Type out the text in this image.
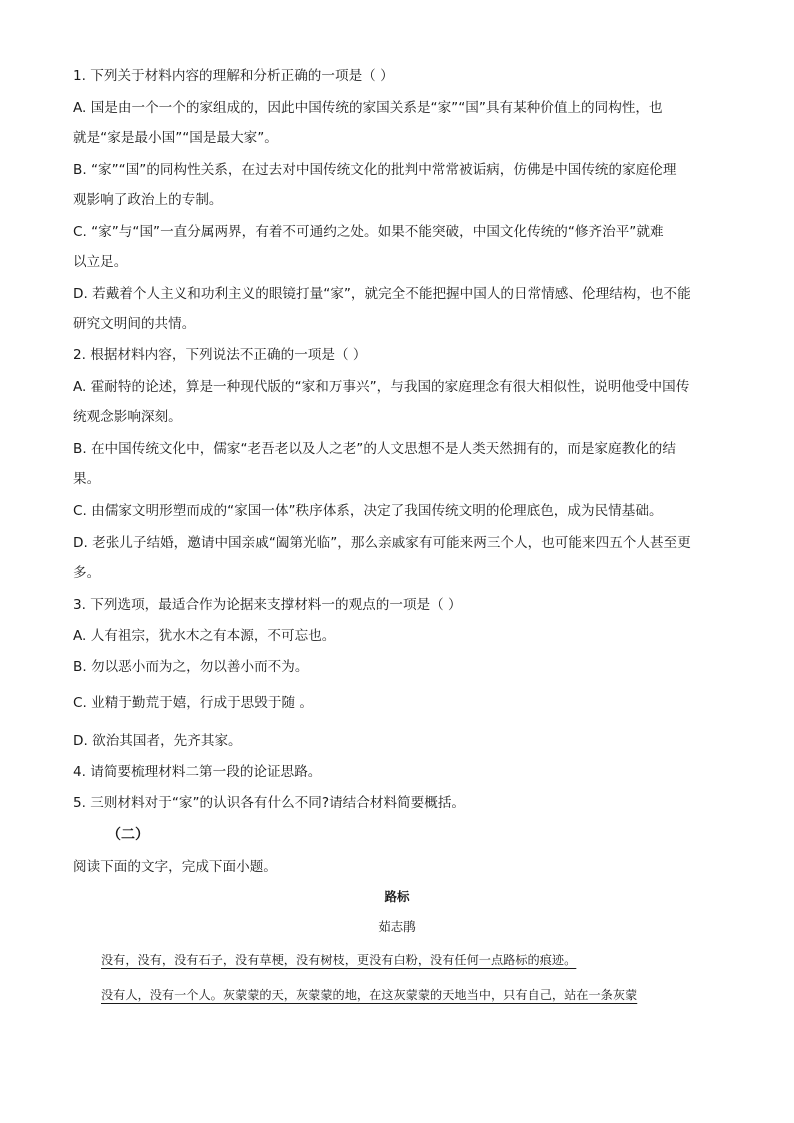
1. 下列关于材料内容的理解和分析正确的一项是（ ）
A. 国是由一个一个的家组成的，因此中国传统的家国关系是“家”“国”具有某种价值上的同构性，也
就是“家是最小国”“国是最大家”。
B. “家”“国”的同构性关系，在过去对中国传统文化的批判中常常被诟病，仿佛是中国传统的家庭伦理
观影响了政治上的专制。
C. “家”与“国”一直分属两界，有着不可通约之处。如果不能突破，中国文化传统的“修齐治平”就难
以立足。
D. 若戴着个人主义和功利主义的眼镜打量“家”，就完全不能把握中国人的日常情感、伦理结构，也不能
研究文明间的共情。
2. 根据材料内容，下列说法不正确的一项是（ ）
A. 霍耐特的论述，算是一种现代版的“家和万事兴”，与我国的家庭理念有很大相似性，说明他受中国传
统观念影响深刻。
B. 在中国传统文化中，儒家“老吾老以及人之老”的人文思想不是人类天然拥有的，而是家庭教化的结
果。
C. 由儒家文明形塑而成的“家国一体”秩序体系，决定了我国传统文明的伦理底色，成为民情基础。
D. 老张儿子结婚，邀请中国亲戚“阖第光临”，那么亲戚家有可能来两三个人，也可能来四五个人甚至更
多。
3. 下列选项，最适合作为论据来支撑材料一的观点的一项是（ ）
A. 人有祖宗，犹水木之有本源，不可忘也。
B. 勿以恶小而为之，勿以善小而不为。
C. 业精于勤荒于嬉，行成于思毁于随 。
D. 欲治其国者，先齐其家。
4. 请简要梳理材料二第一段的论证思路。
5. 三则材料对于“家”的认识各有什么不同?请结合材料简要概括。
（二）
阅读下面的文字，完成下面小题。
路标
茹志鹃
没有，没有，没有石子，没有草梗，没有树枝，更没有白粉，没有任何一点路标的痕迹。
没有人，没有一个人。灰蒙蒙的天，灰蒙蒙的地，在这灰蒙蒙的天地当中，只有自己，站在一条灰蒙
